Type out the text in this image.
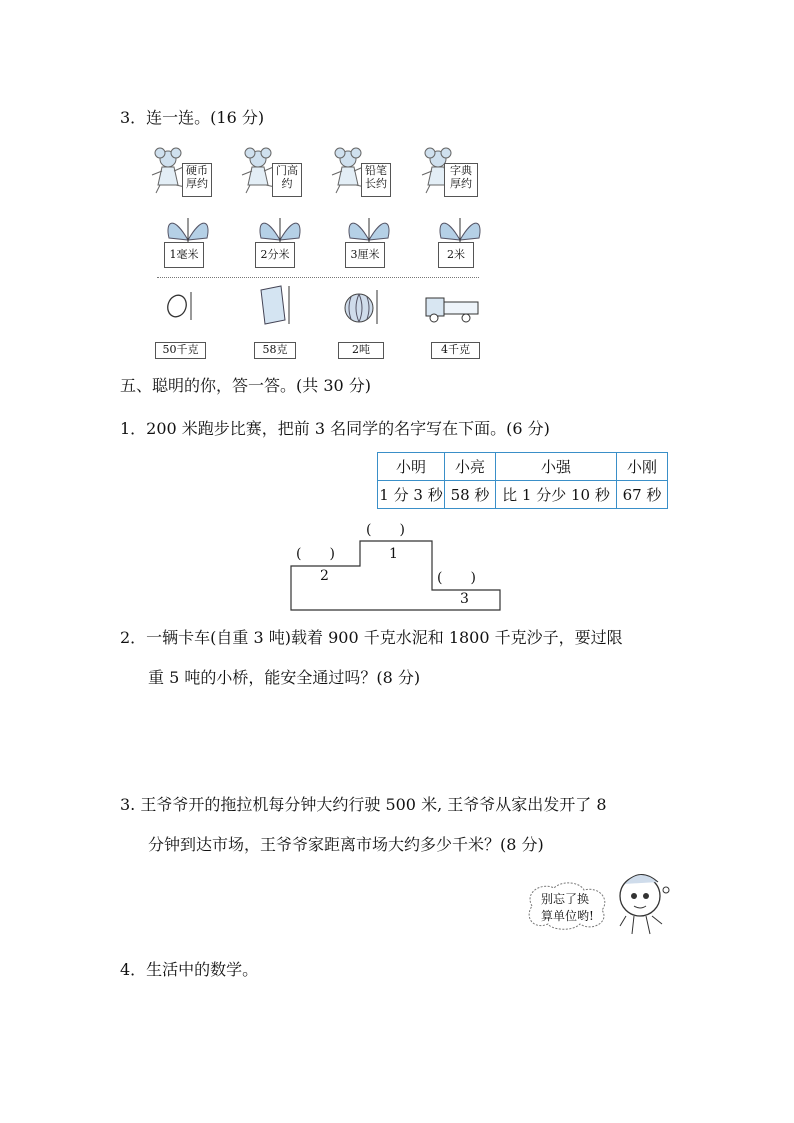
3．连一连。(16 分)
硬币
厚约
门高
约
铅笔
长约
字典
厚约
1毫米	2分米	3厘米	2米
50千克	58克	2吨	4千克
五、聪明的你，答一答。(共 30 分)
1．200 米跑步比赛，把前 3 名同学的名字写在下面。(6 分)
小明	小亮	小强	小刚
1 分 3 秒	58 秒	比 1 分少 10 秒	67 秒
(　　)
(　　)
(　　)
1
2
3
2．一辆卡车(自重 3 吨)载着 900 千克水泥和 1800 千克沙子，要过限
重 5 吨的小桥，能安全通过吗？(8 分)
3. 王爷爷开的拖拉机每分钟大约行驶 500 米, 王爷爷从家出发开了 8
分钟到达市场，王爷爷家距离市场大约多少千米？(8 分)
别忘了换
算单位哟!
4．生活中的数学。
